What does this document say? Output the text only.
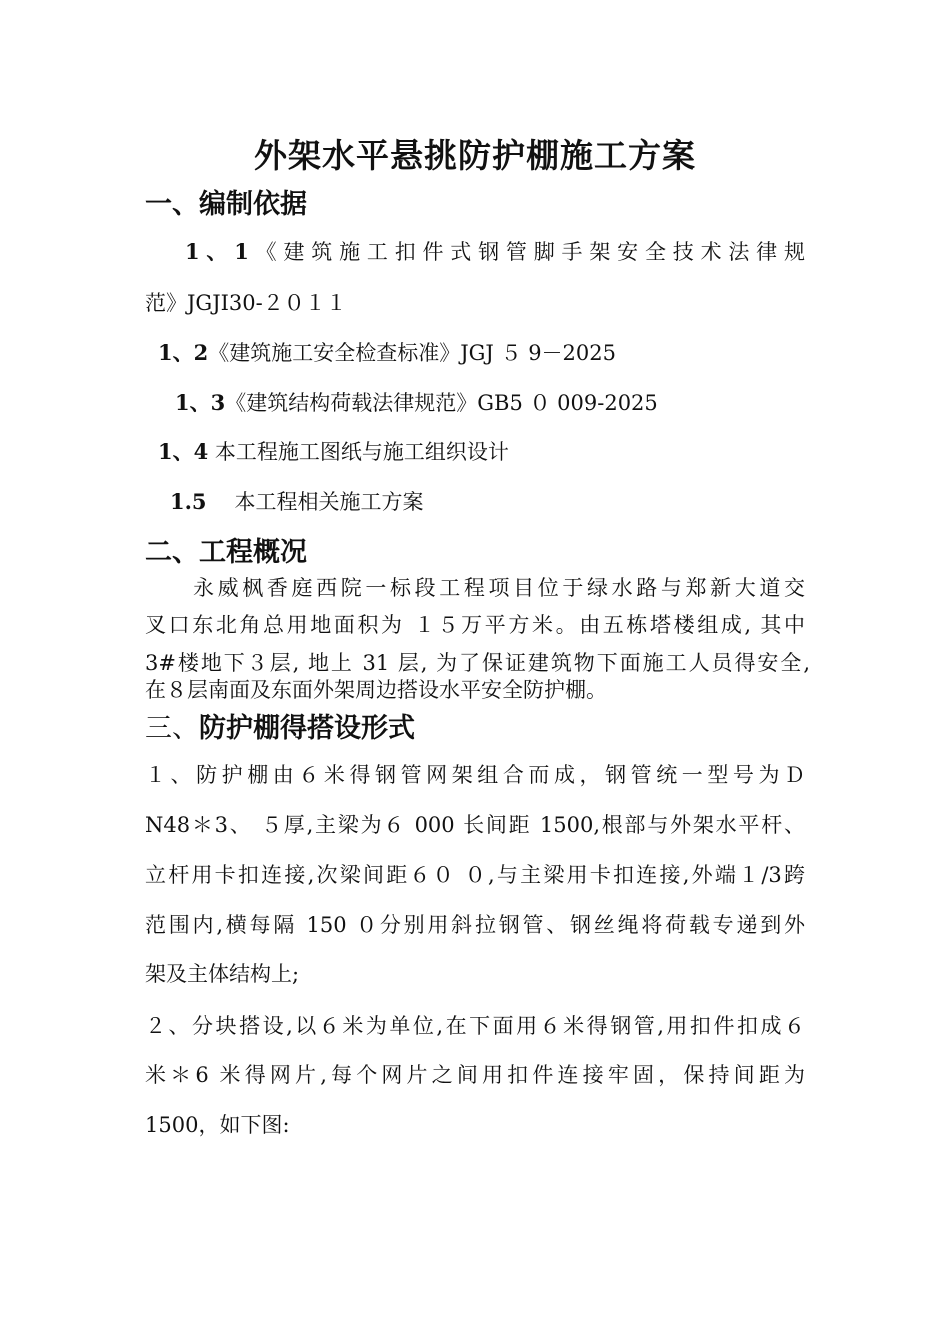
外架水平悬挑防护棚施工方案
一、编制依据
1、1《建筑施工扣件式钢管脚手架安全技术法律规
范》JGJI30-２０１１
1、2《建筑施工安全检查标准》JGJ ５ 9－2025
1、3《建筑结构荷载法律规范》GB5 ０ 009-2025
1、4 本工程施工图纸与施工组织设计
1.5 本工程相关施工方案
二、工程概况
永威枫香庭西院一标段工程项目位于绿水路与郑新大道交
叉口东北角总用地面积为 １５万平方米。由五栋塔楼组成, 其中
3#楼地下３层, 地上 31 层, 为了保证建筑物下面施工人员得安全,
在８层南面及东面外架周边搭设水平安全防护棚。
三、防护棚得搭设形式
１、防护棚由６米得钢管网架组合而成，钢管统一型号为Ｄ
N48＊3、 ５厚,主梁为６ 000 长间距 1500,根部与外架水平杆、
立杆用卡扣连接,次梁间距６０ ０,与主梁用卡扣连接,外端１/3跨
范围内,横每隔 150 ０分别用斜拉钢管、钢丝绳将荷载专递到外
架及主体结构上;
２、分块搭设,以６米为单位,在下面用６米得钢管,用扣件扣成６
米＊6 米得网片,每个网片之间用扣件连接牢固，保持间距为
1500，如下图:
